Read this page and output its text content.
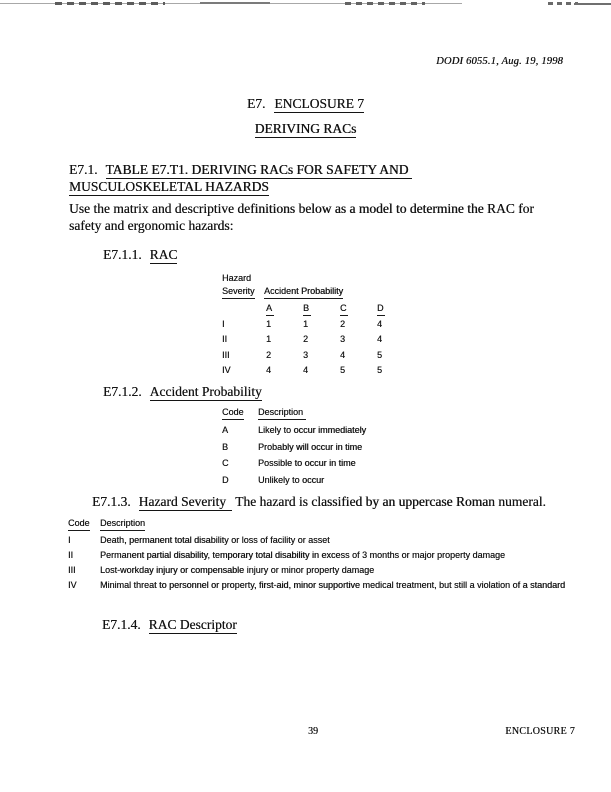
DODI 6055.1, Aug. 19, 1998
E7. ENCLOSURE 7
DERIVING RACs
E7.1. TABLE E7.T1. DERIVING RACs FOR SAFETY AND
MUSCULOSKELETAL HAZARDS
Use the matrix and descriptive definitions below as a model to determine the RAC for safety and ergonomic hazards:
E7.1.1. RAC
Hazard
Severity	Accident Probability
A	B	C	D
I	1	1	2	4
II	1	2	3	4
III	2	3	4	5
IV	4	4	5	5
E7.1.2. Accident Probability
Code	Description
A	Likely to occur immediately
B	Probably will occur in time
C	Possible to occur in time
D	Unlikely to occur
E7.1.3. Hazard Severity The hazard is classified by an uppercase Roman numeral.
Code	Description
I	Death, permanent total disability or loss of facility or asset
II	Permanent partial disability, temporary total disability in excess of 3 months or major property damage
III	Lost-workday injury or compensable injury or minor property damage
IV	Minimal threat to personnel or property, first-aid, minor supportive medical treatment, but still a violation of a standard
E7.1.4. RAC Descriptor
39	ENCLOSURE 7
